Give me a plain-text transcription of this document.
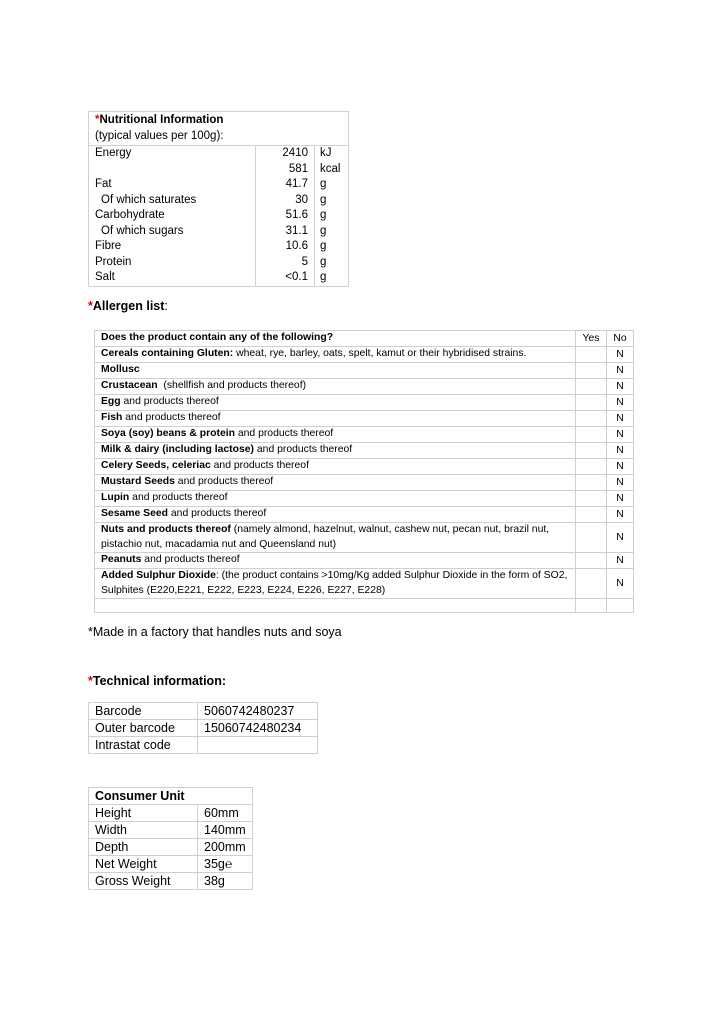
*Nutritional Information
(typical values per 100g):		

Energy	2410	kJ
	581	kcal
Fat	41.7	g
Of which saturates	30	g
Carbohydrate	51.6	g
Of which sugars	31.1	g
Fibre	10.6	g
Protein	5	g
Salt	<0.1	g
*Allergen list:
Does the product contain any of the following?	Yes	No
Cereals containing Gluten: wheat, rye, barley, oats, spelt, kamut or their hybridised strains.		N
Mollusc		N
Crustacean  (shellfish and products thereof)		N
Egg and products thereof		N
Fish and products thereof		N
Soya (soy) beans & protein and products thereof		N
Milk & dairy (including lactose) and products thereof		N
Celery Seeds, celeriac and products thereof		N
Mustard Seeds and products thereof		N
Lupin and products thereof		N
Sesame Seed and products thereof		N
Nuts and products thereof (namely almond, hazelnut, walnut, cashew nut, pecan nut, brazil nut, pistachio nut, macadamia nut and Queensland nut)		N
Peanuts and products thereof		N
Added Sulphur Dioxide: (the product contains >10mg/Kg added Sulphur Dioxide in the form of SO2, Sulphites (E220,E221, E222, E223, E224, E226, E227, E228)		N

*Made in a factory that handles nuts and soya
*Technical information:
Barcode	5060742480237
Outer barcode	15060742480234
Intrastat code	
Consumer Unit	
Height	60mm
Width	140mm
Depth	200mm
Net Weight	35g℮
Gross Weight	38g
